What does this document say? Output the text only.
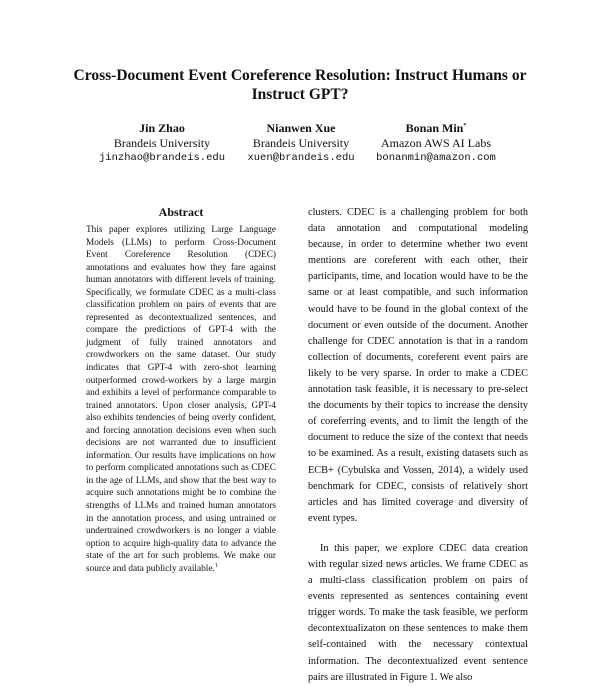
Cross-Document Event Coreference Resolution: Instruct Humans or Instruct GPT?
Jin Zhao
Brandeis University
jinzhao@brandeis.edu
Nianwen Xue
Brandeis University
xuen@brandeis.edu
Bonan Min*
Amazon AWS AI Labs
bonanmin@amazon.com
Abstract
This paper explores utilizing Large Language Models (LLMs) to perform Cross-Document Event Coreference Resolution (CDEC) annotations and evaluates how they fare against human annotators with different levels of training. Specifically, we formulate CDEC as a multi-class classification problem on pairs of events that are represented as decontextualized sentences, and compare the predictions of GPT-4 with the judgment of fully trained annotators and crowdworkers on the same dataset. Our study indicates that GPT-4 with zero-shot learning outperformed crowd-workers by a large margin and exhibits a level of performance comparable to trained annotators. Upon closer analysis, GPT-4 also exhibits tendencies of being overly confident, and forcing annotation decisions even when such decisions are not warranted due to insufficient information. Our results have implications on how to perform complicated annotations such as CDEC in the age of LLMs, and show that the best way to acquire such annotations might be to combine the strengths of LLMs and trained human annotators in the annotation process, and using untrained or undertrained crowdworkers is no longer a viable option to acquire high-quality data to advance the state of the art for such problems. We make our source and data publicly available.$^1$

clusters. CDEC is a challenging problem for both data annotation and computational modeling because, in order to determine whether two event mentions are coreferent with each other, their participants, time, and location would have to be the same or at least compatible, and such information would have to be found in the global context of the document or even outside of the document. Another challenge for CDEC annotation is that in a random collection of documents, coreferent event pairs are likely to be very sparse. In order to make a CDEC annotation task feasible, it is necessary to pre-select the documents by their topics to increase the density of coreferring events, and to limit the length of the document to reduce the size of the context that needs to be examined. As a result, existing datasets such as ECB+ (Cybulska and Vossen, 2014), a widely used benchmark for CDEC, consists of relatively short articles and has limited coverage and diversity of event types.

In this paper, we explore CDEC data creation with regular sized news articles. We frame CDEC as a multi-class classification problem on pairs of events represented as sentences containing event trigger words. To make the task feasible, we perform decontextualizaton on these sentences to make them self-contained with the necessary contextual information. The decontextualized event sentence pairs are illustrated in Figure 1. We also
